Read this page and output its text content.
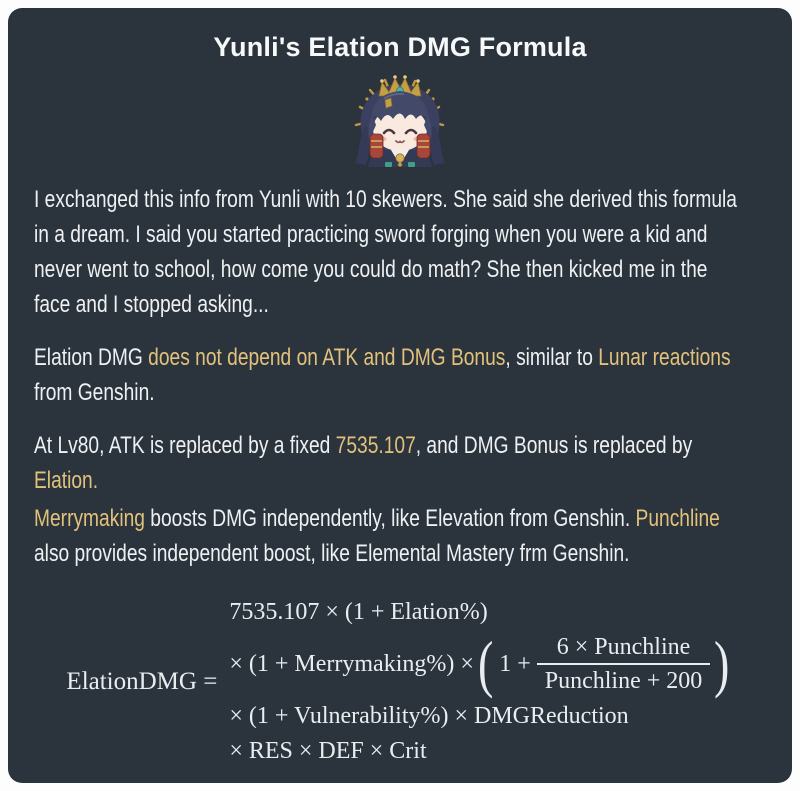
Yunli's Elation DMG Formula

I exchanged this info from Yunli with 10 skewers. She said she derived this formula
in a dream. I said you started practicing sword forging when you were a kid and
never went to school, how come you could do math? She then kicked me in the
face and I stopped asking...

Elation DMG does not depend on ATK and DMG Bonus, similar to Lunar reactions
from Genshin.

At Lv80, ATK is replaced by a fixed 7535.107, and DMG Bonus is replaced by
Elation.

Merrymaking boosts DMG independently, like Elevation from Genshin. Punchline
also provides independent boost, like Elemental Mastery frm Genshin.

ElationDMG =
7535.107 × (1 + Elation%)
× (1 + Merrymaking%) × ( $1 + \frac{\text{6 × Punchline}}{\text{Punchline + 200}}$ )
× (1 + Vulnerability%) × DMGReduction
× RES × DEF × Crit
